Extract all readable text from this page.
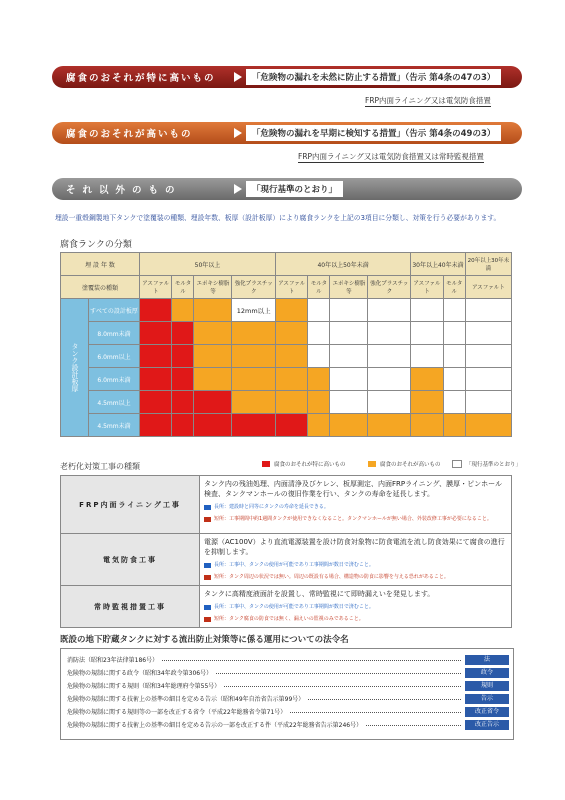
腐食のおそれが特に高いもの	「危険物の漏れを未然に防止する措置」（告示 第4条の47の3）
FRP内面ライニング又は電気防食措置
腐食のおそれが高いもの	「危険物の漏れを早期に検知する措置」（告示 第4条の49の3）
FRP内面ライニング又は電気防食措置又は常時監視措置
それ以外のもの	「現行基準のとおり」
埋設一重殻鋼製地下タンクで塗覆装の種類、埋設年数、板厚（設計板厚）により腐食ランクを上記の3項目に分類し、対策を行う必要があります。
腐食ランクの分類
埋 設 年 数		50年以上				40年以上50年未満				30年以上40年未満		20年以上30年未満
塗覆装の種類		アスファルト	モルタル	エポキシ樹脂等	強化プラスチック	アスファルト	モルタル	エポキシ樹脂等	強化プラスチック	アスファルト	モルタル	アスファルト
タンク設計板厚	すべての設計板厚				12mm以上							
	8.0mm未満											
	6.0mm以上											
	6.0mm未満											
	4.5mm以上											
	4.5mm未満											
腐食のおそれが特に高いもの	腐食のおそれが高いもの	「現行基準のとおり」
老朽化対策工事の種類
FRP内面ライニング工事	タンク内の残油処理、内面清浄及びケレン、板厚測定、内面FRPライニング、膜厚・ピンホール検査、タンクマンホールの復旧作業を行い、タンクの寿命を延長します。
長所：建設時と同等にタンクの寿命を延長できる。
短所：工事期間中約1週間タンクが使用できなくなること。タンクマンホールが無い場合、外装改修工事が必要になること。

電気防食工事	電源（AC100V）より直流電源装置を設け防食対象物に防食電流を流し防食効果にて腐食の進行を抑制します。
長所：工事中、タンクの使用が可能であり工事期間が数日で済むこと。
短所：タンク周辺の状況では無い。周辺の既設有る場合、構造物の防食に影響を与える恐れがあること。

常時監視措置工事	タンクに高精度液面計を設置し、常時監視にて即時漏えいを発見します。
長所：工事中、タンクの使用が可能であり工事期間が数日で済むこと。
短所：タンク腐食の防食では無く、漏えいの監視のみであること。
既設の地下貯蔵タンクに対する流出防止対策等に係る運用についての法令名
消防法（昭和23年法律第186号）	法
危険物の規制に関する政令（昭和34年政令第306号）	政令
危険物の規制に関する規則（昭和34年総理府令第55号）	規則
危険物の規制に関する技術上の基準の細目を定める告示（昭和49年自治省告示第99号）	告示
危険物の規制に関する規則等の一部を改正する省令（平成22年総務省令第71号）	改正省令
危険物の規制に関する技術上の基準の細目を定める告示の一部を改正する件（平成22年総務省告示第246号）	改正告示
